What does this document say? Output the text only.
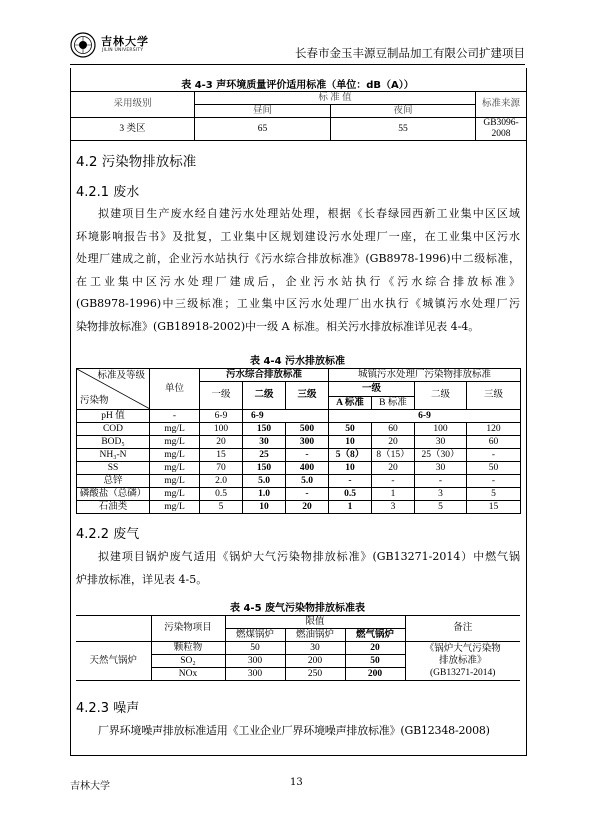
吉林大学
JILIN UNIVERSITY	长春市金玉丰源豆制品加工有限公司扩建项目
表 4-3 声环境质量评价适用标准（单位：dB（A））
采用级别	标 准 值		标准来源
	昼间	夜间	
3 类区	65	55	GB3096-2008
4.2 污染物排放标准
4.2.1 废水
拟建项目生产废水经自建污水处理站处理，根据《长春绿园西新工业集中区区域
环境影响报告书》及批复，工业集中区规划建设污水处理厂一座，在工业集中区污水
处理厂建成之前，企业污水站执行《污水综合排放标准》(GB8978-1996)中二级标准，
在工业集中区污水处理厂建成后，企业污水站执行《污水综合排放标准》
(GB8978-1996)中三级标准；工业集中区污水处理厂出水执行《城镇污水处理厂污
染物排放标准》(GB18918-2002)中一级 A 标准。相关污水排放标准详见表 4-4。
表 4-4 污水排放标准
标准及等级
污染物	单位	污水综合排放标准			城镇污水处理厂污染物排放标准			
		一级	二级	三级	一级		二级	三级
					A 标准	B 标准		
pH 值	-	6-9	6-9		6-9			
COD	mg/L	100	150	500	50	60	100	120
BOD₅	mg/L	20	30	300	10	20	30	60
NH₃-N	mg/L	15	25	-	5（8）	8（15）	25（30）	-
SS	mg/L	70	150	400	10	20	30	50
总锌	mg/L	2.0	5.0	5.0	-	-	-	-
磷酸盐（总磷）	mg/L	0.5	1.0	-	0.5	1	3	5
石油类	mg/L	5	10	20	1	3	5	15
4.2.2 废气
拟建项目锅炉废气适用《锅炉大气污染物排放标准》(GB13271-2014）中燃气锅
炉排放标准，详见表 4-5。
表 4-5 废气污染物排放标准表
	污染物项目	限值			备注
		燃煤锅炉	燃油锅炉	燃气锅炉	
天然气锅炉	颗粒物	50	30	20	《锅炉大气污染物
排放标准》
(GB13271-2014)

	SO₂	300	200	50	
	NOx	300	250	200	
4.2.3 噪声
厂界环境噪声排放标准适用《工业企业厂界环境噪声排放标准》(GB12348-2008)
吉林大学	13
